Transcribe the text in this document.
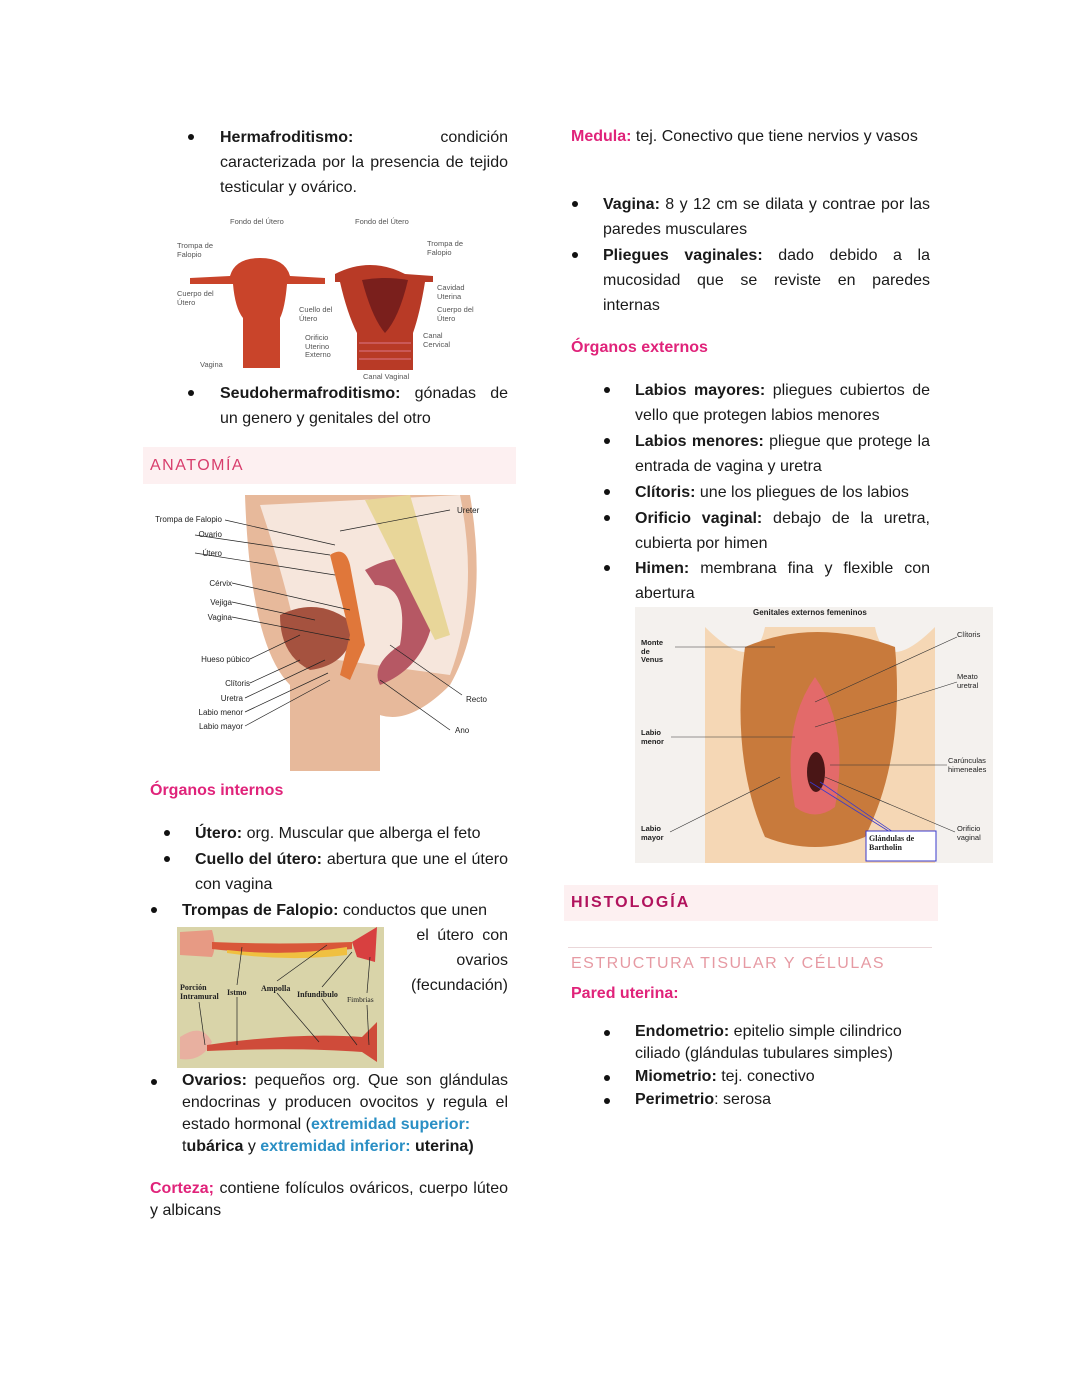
Hermafroditismo:	condición caracterizada por la presencia de tejido testicular y ovárico.
Fondo del Útero
Trompa de Falopio
Cuerpo del Útero
Vagina
Fondo del Útero
Trompa de Falopio
Cavidad Uterina
Cuerpo del Útero
Cuello del Útero
Canal Cervical
Orificio Uterino Externo
Canal Vaginal
Seudohermafroditismo: gónadas de un genero y genitales del otro
ANATOMÍA
Trompa de Falopio
Ovario
Útero
Cérvix
Vejiga
Vagina
Hueso púbico
Clítoris
Uretra
Labio menor
Labio mayor
Ureter
Recto
Ano
Órganos internos
Útero: org. Muscular que alberga el feto
Cuello del útero: abertura que une el útero con vagina
Trompas de Falopio: conductos que unen
el útero con ovarios (fecundación)
Porción Intramural	Istmo Ampolla
Infundíbulo
Fimbrias
Ovarios: pequeños org. Que son glándulas endocrinas y producen ovocitos y regula el estado hormonal (extremidad superior:
tubárica y extremidad inferior: uterina)
Corteza; contiene folículos ováricos, cuerpo lúteo y albicans
Medula: tej. Conectivo que tiene nervios y vasos
Vagina: 8 y 12 cm se dilata y contrae por las paredes musculares
Pliegues vaginales: dado debido a la mucosidad que se reviste en paredes internas
Órganos externos
Labios mayores: pliegues cubiertos de vello que protegen labios menores
Labios menores: pliegue que protege la entrada de vagina y uretra
Clítoris: une los pliegues de los labios
Orificio vaginal: debajo de la uretra, cubierta por himen
Himen: membrana fina y flexible con abertura
Genitales externos femeninos
Monte de Venus
Labio menor
Labio mayor
Clítoris
Meato uretral
Carúnculas himeneales
Orificio vaginal
Glándulas de Bartholin
HISTOLOGÍA
ESTRUCTURA TISULAR Y CÉLULAS
Pared uterina:
Endometrio: epitelio simple cilindrico ciliado (glándulas tubulares simples)
Miometrio: tej. conectivo
Perimetrio: serosa
